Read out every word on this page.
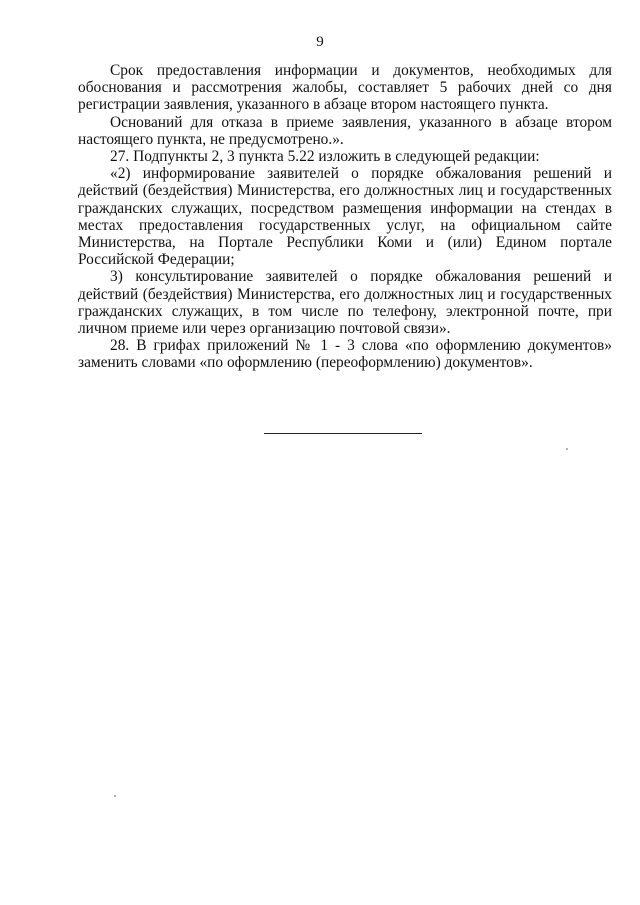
9

Срок предоставления информации и документов, необходимых для обоснования и рассмотрения жалобы, составляет 5 рабочих дней со дня регистрации заявления, указанного в абзаце втором настоящего пункта.

Оснований для отказа в приеме заявления, указанного в абзаце втором настоящего пункта, не предусмотрено.».

27. Подпункты 2, 3 пункта 5.22 изложить в следующей редакции:

«2) информирование заявителей о порядке обжалования решений и действий (бездействия) Министерства, его должностных лиц и государственных гражданских служащих, посредством размещения информации на стендах в местах предоставления государственных услуг, на официальном сайте Министерства, на Портале Республики Коми и (или) Едином портале Российской Федерации;

3) консультирование заявителей о порядке обжалования решений и действий (бездействия) Министерства, его должностных лиц и государственных гражданских служащих, в том числе по телефону, электронной почте, при личном приеме или через организацию почтовой связи».

28. В грифах приложений № 1 - 3 слова «по оформлению документов» заменить словами «по оформлению (переоформлению) документов».
